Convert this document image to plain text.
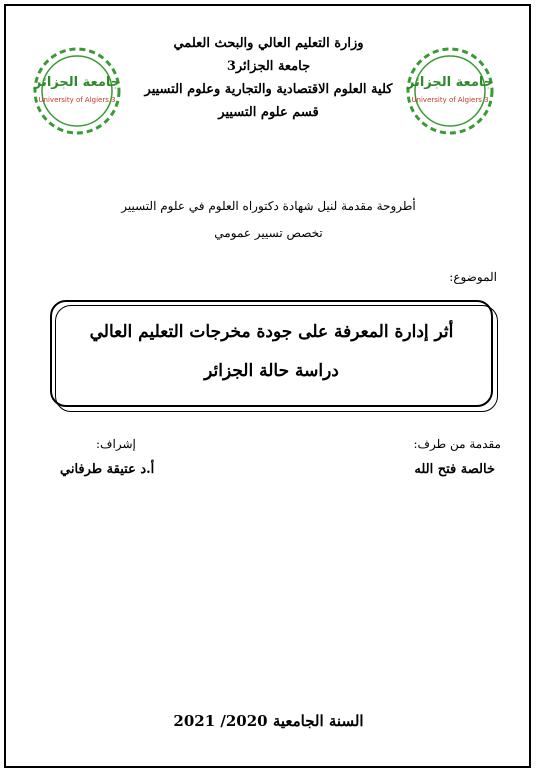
جامعة الجزائر
University of Algiers 3
جامعة الجزائر
University of Algiers 3
وزارة التعليم العالي والبحث العلمي
جامعة الجزائر3
كلية العلوم الاقتصادية والتجارية وعلوم التسيير
قسم علوم التسيير
أطروحة مقدمة لنيل شهادة دكتوراه العلوم في علوم التسيير
تخصص تسيير عمومي
الموضوع:
أثر إدارة المعرفة على جودة مخرجات التعليم العالي
دراسة حالة الجزائر
مقدمة من طرف:
خالصة فتح الله
إشراف:
أ.د عتيقة طرفاني
السنة الجامعية 2020/ 2021
